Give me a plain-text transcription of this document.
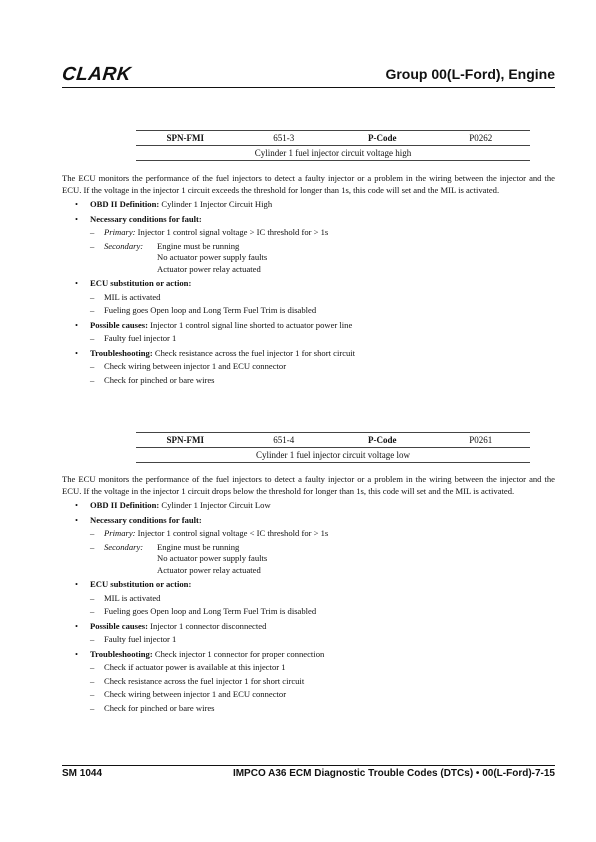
CLARK	Group 00(L-Ford), Engine
SPN-FMI	651-3	P-Code	P0262
Cylinder 1 fuel injector circuit voltage high

The ECU monitors the performance of the fuel injectors to detect a faulty injector or a problem in the wiring between the injector and the ECU. If the voltage in the injector 1 circuit exceeds the threshold for longer than 1s, this code will set and the MIL is activated.

• OBD II Definition: Cylinder 1 Injector Circuit High
• Necessary conditions for fault:
– Primary: Injector 1 control signal voltage > IC threshold for > 1s
– Secondary:	Engine must be running
No actuator power supply faults
Actuator power relay actuated
• ECU substitution or action:
– MIL is activated
– Fueling goes Open loop and Long Term Fuel Trim is disabled
• Possible causes: Injector 1 control signal line shorted to actuator power line
– Faulty fuel injector 1
• Troubleshooting: Check resistance across the fuel injector 1 for short circuit
– Check wiring between injector 1 and ECU connector
– Check for pinched or bare wires
SPN-FMI	651-4	P-Code	P0261
Cylinder 1 fuel injector circuit voltage low

The ECU monitors the performance of the fuel injectors to detect a faulty injector or a problem in the wiring between the injector and the ECU. If the voltage in the injector 1 circuit drops below the threshold for longer than 1s, this code will set and the MIL is activated.

• OBD II Definition: Cylinder 1 Injector Circuit Low
• Necessary conditions for fault:
– Primary: Injector 1 control signal voltage < IC threshold for > 1s
– Secondary:	Engine must be running
No actuator power supply faults
Actuator power relay actuated
• ECU substitution or action:
– MIL is activated
– Fueling goes Open loop and Long Term Fuel Trim is disabled
• Possible causes: Injector 1 connector disconnected
– Faulty fuel injector 1
• Troubleshooting: Check injector 1 connector for proper connection
– Check if actuator power is available at this injector 1
– Check resistance across the fuel injector 1 for short circuit
– Check wiring between injector 1 and ECU connector
– Check for pinched or bare wires
SM 1044	IMPCO A36 ECM Diagnostic Trouble Codes (DTCs) • 00(L-Ford)-7-15
